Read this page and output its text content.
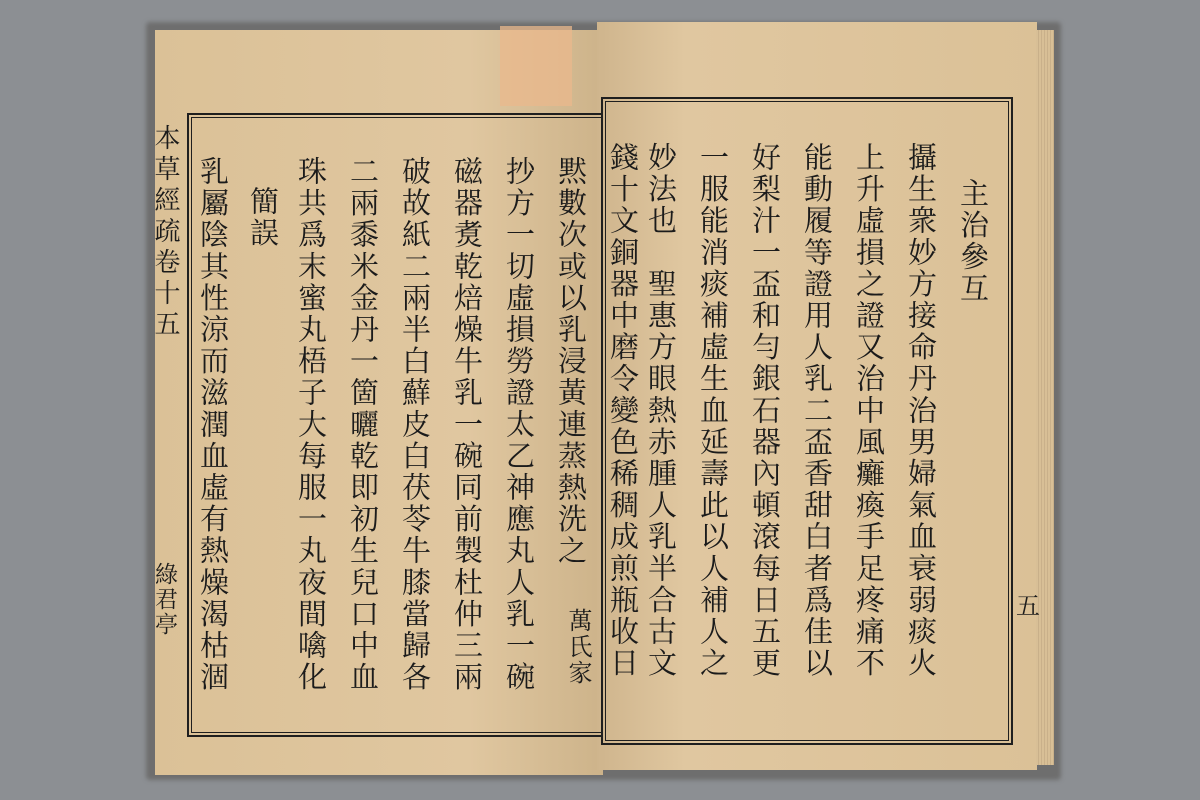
本草經疏卷十五
綠君亭
黙數次或以乳浸黃連蒸熱洗之
萬氏家
抄方一切虛損勞證太乙神應丸人乳一碗
磁器煑乾焙燥牛乳一碗同前製杜仲三兩
破故紙二兩半白蘚皮白茯苓牛膝當歸各
二兩黍米金丹一箇曬乾即初生兒口中血
珠共爲末蜜丸梧子大每服一丸夜間噙化
簡誤
乳屬陰其性涼而滋潤血虛有熱燥渴枯涸	五
主治參互
攝生衆妙方接命丹治男婦氣血衰弱痰火
上升虛損之證又治中風癱瘓手足疼痛不
能動履等證用人乳二盃香甜白者爲佳以
好梨汁一盃和勻銀石器內頓滾每日五更
一服能消痰補虛生血延壽此以人補人之
妙法也　聖惠方眼熱赤腫人乳半合古文
錢十文銅器中磨令變色稀稠成煎瓶收日
